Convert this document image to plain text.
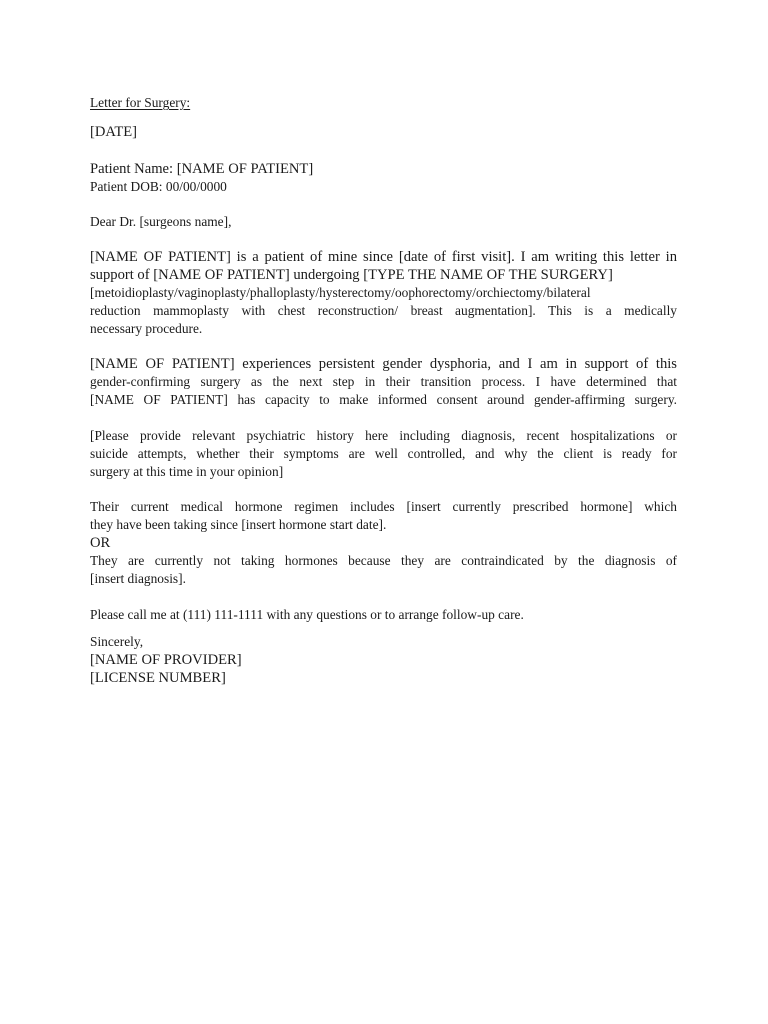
Letter for Surgery:
[DATE]
Patient Name: [NAME OF PATIENT]
Patient DOB: 00/00/0000
Dear Dr. [surgeons name],
[NAME OF PATIENT] is a patient of mine since [date of first visit]. I am writing this letter in
support of [NAME OF PATIENT] undergoing [TYPE THE NAME OF THE SURGERY]
[metoidioplasty/vaginoplasty/phalloplasty/hysterectomy/oophorectomy/orchiectomy/bilateral
reduction mammoplasty with chest reconstruction/ breast augmentation]. This is a medically
necessary procedure.
[NAME OF PATIENT] experiences persistent gender dysphoria, and I am in support of this
gender-confirming surgery as the next step in their transition process. I have determined that
[NAME OF PATIENT] has capacity to make informed consent around gender-affirming surgery.
[Please provide relevant psychiatric history here including diagnosis, recent hospitalizations or
suicide attempts, whether their symptoms are well controlled, and why the client is ready for
surgery at this time in your opinion]
Their current medical hormone regimen includes [insert currently prescribed hormone] which
they have been taking since [insert hormone start date].
OR
They are currently not taking hormones because they are contraindicated by the diagnosis of
[insert diagnosis].
Please call me at (111) 111-1111 with any questions or to arrange follow-up care.
Sincerely,
[NAME OF PROVIDER]
[LICENSE NUMBER]
